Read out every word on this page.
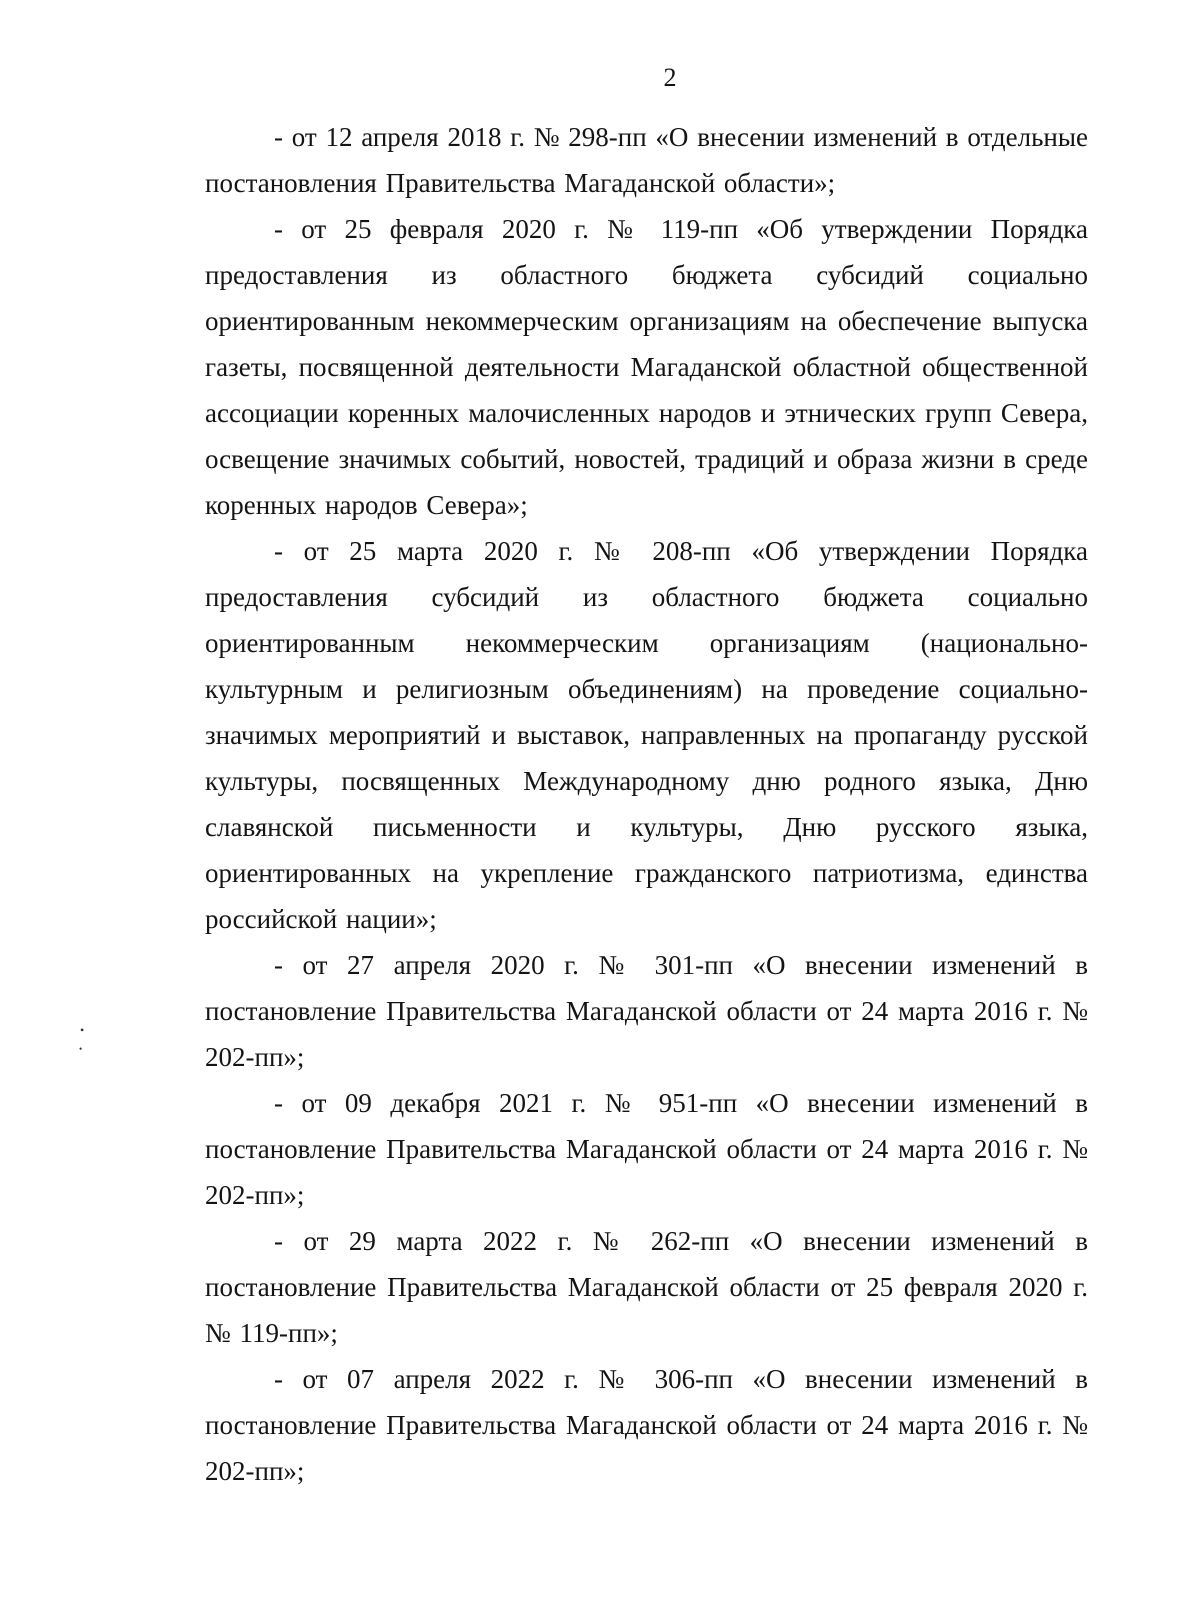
2

- от 12 апреля 2018 г. № 298-пп «О внесении изменений в отдельные постановления Правительства Магаданской области»;

- от 25 февраля 2020 г. № 119-пп «Об утверждении Порядка предоставления из областного бюджета субсидий социально ориентированным некоммерческим организациям на обеспечение выпуска газеты, посвященной деятельности Магаданской областной общественной ассоциации коренных малочисленных народов и этнических групп Севера, освещение значимых событий, новостей, традиций и образа жизни в среде коренных народов Севера»;

- от 25 марта 2020 г. № 208-пп «Об утверждении Порядка предоставления субсидий из областного бюджета социально ориентированным некоммерческим организациям (национально-культурным и религиозным объединениям) на проведение социально-значимых мероприятий и выставок, направленных на пропаганду русской культуры, посвященных Международному дню родного языка, Дню славянской письменности и культуры, Дню русского языка, ориентированных на укрепление гражданского патриотизма, единства российской нации»;

- от 27 апреля 2020 г. № 301-пп «О внесении изменений в постановление Правительства Магаданской области от 24 марта 2016 г. № 202-пп»;

- от 09 декабря 2021 г. № 951-пп «О внесении изменений в постановление Правительства Магаданской области от 24 марта 2016 г. № 202-пп»;

- от 29 марта 2022 г. № 262-пп «О внесении изменений в постановление Правительства Магаданской области от 25 февраля 2020 г. № 119-пп»;

- от 07 апреля 2022 г. № 306-пп «О внесении изменений в постановление Правительства Магаданской области от 24 марта 2016 г. № 202-пп»;

•
•
